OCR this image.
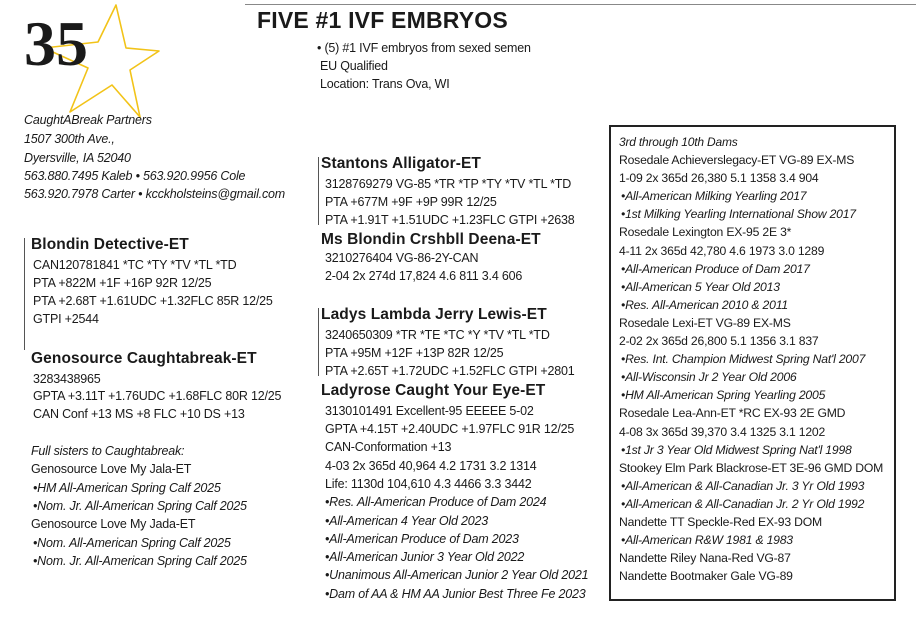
35	FIVE #1 IVF EMBRYOS
• (5) #1 IVF embryos from sexed semen
EU Qualified
Location: Trans Ova, WI
CaughtABreak Partners
1507 300th Ave.,
Dyersville, IA 52040
563.880.7495 Kaleb • 563.920.9956 Cole
563.920.7978 Carter • kcckholsteins@gmail.com
Blondin Detective-ET
CAN120781841 *TC *TY *TV *TL *TD
PTA +822M +1F +16P 92R 12/25
PTA +2.68T +1.61UDC +1.32FLC 85R 12/25
GTPI +2544
Genosource Caughtabreak-ET
3283438965
GPTA +3.11T +1.76UDC +1.68FLC 80R 12/25
CAN Conf +13 MS +8 FLC +10 DS +13
Full sisters to Caughtabreak:
Genosource Love My Jala-ET
•HM All-American Spring Calf 2025
•Nom. Jr. All-American Spring Calf 2025
Genosource Love My Jada-ET
•Nom. All-American Spring Calf 2025
•Nom. Jr. All-American Spring Calf 2025
Stantons Alligator-ET
3128769279 VG-85 *TR *TP *TY *TV *TL *TD
PTA +677M +9F +9P 99R 12/25
PTA +1.91T +1.51UDC +1.23FLC GTPI +2638
Ms Blondin Crshbll Deena-ET
3210276404 VG-86-2Y-CAN
2-04 2x 274d 17,824 4.6 811 3.4 606
Ladys Lambda Jerry Lewis-ET
3240650309 *TR *TE *TC *Y *TV *TL *TD
PTA +95M +12F +13P 82R 12/25
PTA +2.65T +1.72UDC +1.52FLC GTPI +2801
Ladyrose Caught Your Eye-ET
3130101491 Excellent-95 EEEEE 5-02
GPTA +4.15T +2.40UDC +1.97FLC 91R 12/25
CAN-Conformation +13
4-03 2x 365d 40,964 4.2 1731 3.2 1314
Life: 1130d 104,610 4.3 4466 3.3 3442
•Res. All-American Produce of Dam 2024
•All-American 4 Year Old 2023
•All-American Produce of Dam 2023
•All-American Junior 3 Year Old 2022
•Unanimous All-American Junior 2 Year Old 2021
•Dam of AA & HM AA Junior Best Three Fe 2023
3rd through 10th Dams
Rosedale Achieverslegacy-ET VG-89 EX-MS
1-09 2x 365d 26,380 5.1 1358 3.4 904
•All-American Milking Yearling 2017
•1st Milking Yearling International Show 2017
Rosedale Lexington EX-95 2E 3*
4-11 2x 365d 42,780 4.6 1973 3.0 1289
•All-American Produce of Dam 2017
•All-American 5 Year Old 2013
•Res. All-American 2010 & 2011
Rosedale Lexi-ET VG-89 EX-MS
2-02 2x 365d 26,800 5.1 1356 3.1 837
•Res. Int. Champion Midwest Spring Nat'l 2007
•All-Wisconsin Jr 2 Year Old 2006
•HM All-American Spring Yearling 2005
Rosedale Lea-Ann-ET *RC EX-93 2E GMD
4-08 3x 365d 39,370 3.4 1325 3.1 1202
•1st Jr 3 Year Old Midwest Spring Nat'l 1998
Stookey Elm Park Blackrose-ET 3E-96 GMD DOM
•All-American & All-Canadian Jr. 3 Yr Old 1993
•All-American & All-Canadian Jr. 2 Yr Old 1992
Nandette TT Speckle-Red EX-93 DOM
•All-American R&W 1981 & 1983
Nandette Riley Nana-Red VG-87
Nandette Bootmaker Gale VG-89
